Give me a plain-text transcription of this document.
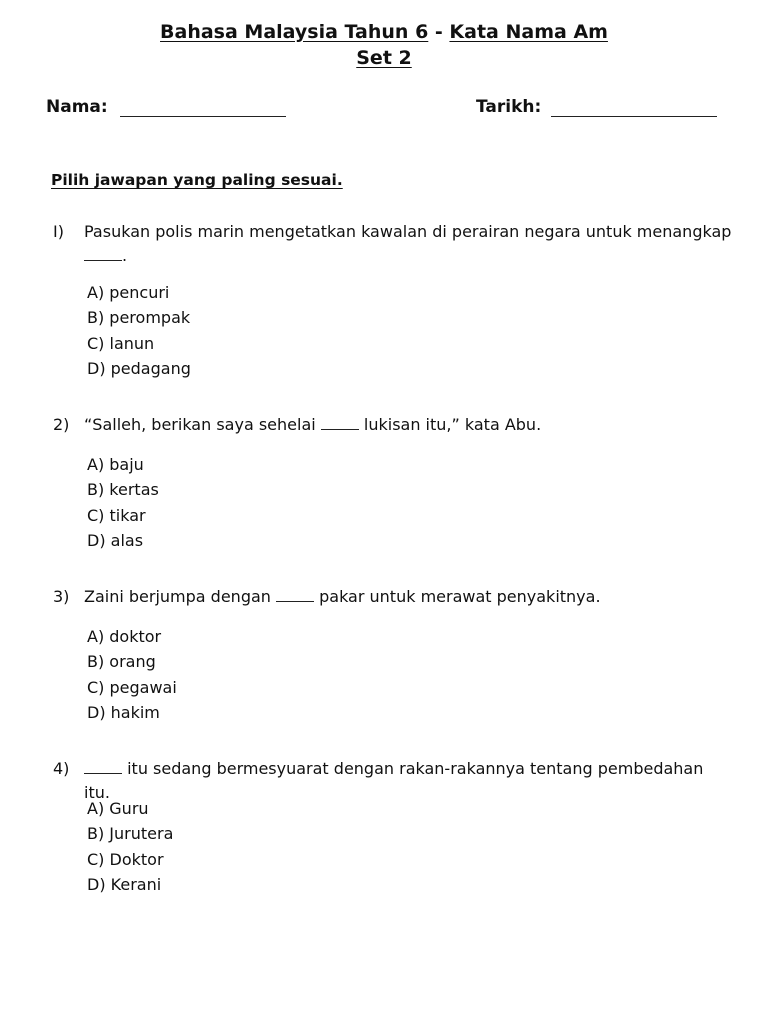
Bahasa Malaysia Tahun 6 - Kata Nama Am
Set 2
Nama:	Tarikh:
Pilih jawapan yang paling sesuai.
I) Pasukan polis marin mengetatkan kawalan di perairan negara untuk menangkap
.
A) pencuri
B) perompak
C) lanun
D) pedagang
2) “Salleh, berikan saya sehelai	lukisan itu,” kata Abu.
A) baju
B) kertas
C) tikar
D) alas
3) Zaini berjumpa dengan	pakar untuk merawat penyakitnya.
A) doktor
B) orang
C) pegawai
D) hakim
4)	itu sedang bermesyuarat dengan rakan-rakannya tentang pembedahan itu.
A) Guru
B) Jurutera
C) Doktor
D) Kerani
